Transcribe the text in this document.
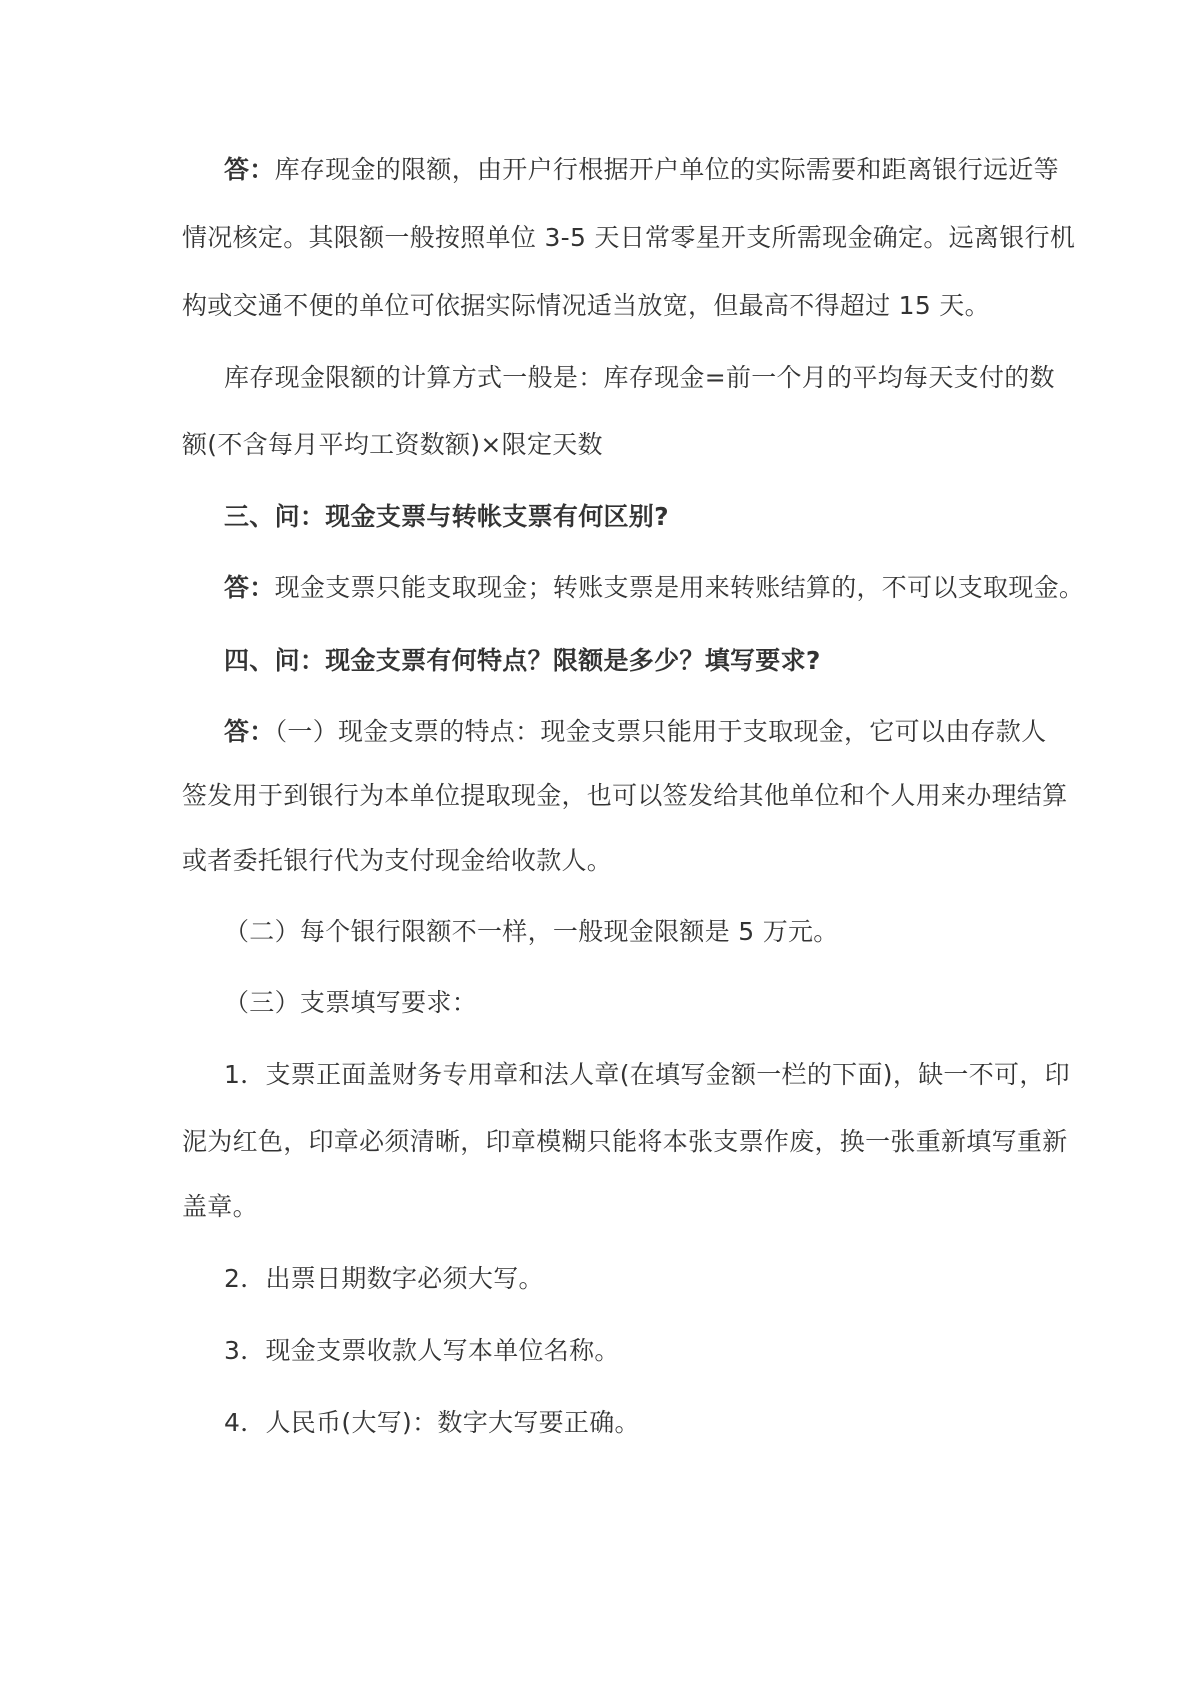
答：库存现金的限额，由开户行根据开户单位的实际需要和距离银行远近等
情况核定。其限额一般按照单位 3-5 天日常零星开支所需现金确定。远离银行机
构或交通不便的单位可依据实际情况适当放宽，但最高不得超过 15 天。
库存现金限额的计算方式一般是：库存现金=前一个月的平均每天支付的数
额(不含每月平均工资数额)×限定天数
三、问：现金支票与转帐支票有何区别?
答：现金支票只能支取现金；转账支票是用来转账结算的，不可以支取现金。
四、问：现金支票有何特点？限额是多少？填写要求?
答：（一）现金支票的特点：现金支票只能用于支取现金，它可以由存款人
签发用于到银行为本单位提取现金，也可以签发给其他单位和个人用来办理结算
或者委托银行代为支付现金给收款人。
（二）每个银行限额不一样，一般现金限额是 5 万元。
（三）支票填写要求：
1．支票正面盖财务专用章和法人章(在填写金额一栏的下面)，缺一不可，印
泥为红色，印章必须清晰，印章模糊只能将本张支票作废，换一张重新填写重新
盖章。
2．出票日期数字必须大写。
3．现金支票收款人写本单位名称。
4．人民币(大写)：数字大写要正确。
